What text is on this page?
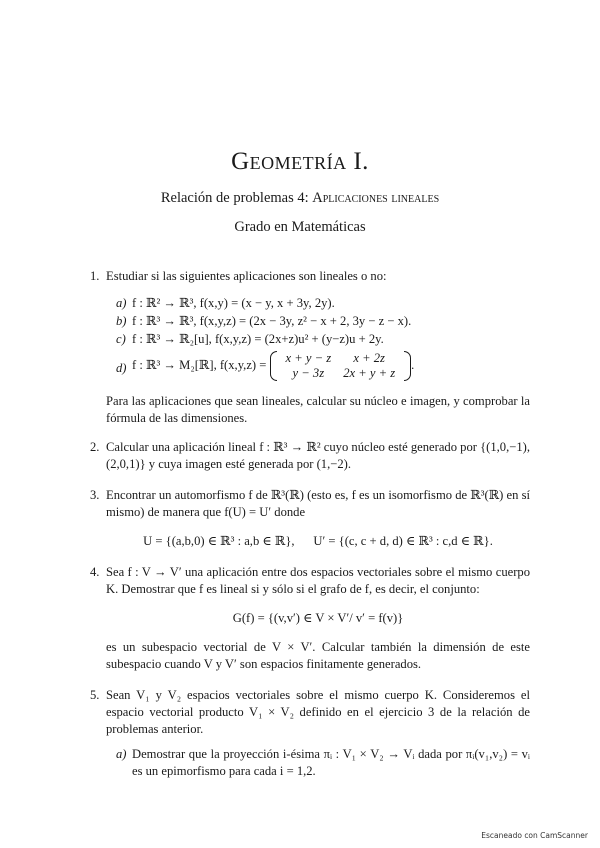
Geometría I.
Relación de problemas 4: Aplicaciones lineales
Grado en Matemáticas
1. Estudiar si las siguientes aplicaciones son lineales o no:
a) f : ℝ² → ℝ³, f(x,y) = (x − y, x + 3y, 2y).
b) f : ℝ³ → ℝ³, f(x,y,z) = (2x − 3y, z² − x + 2, 3y − z − x).
c) f : ℝ³ → ℝ₂[u], f(x,y,z) = (2x+z)u² + (y−z)u + 2y.
d) f : ℝ³ → M₂[ℝ], f(x,y,z) = x + y − z	x + 2z
y − 3z	2x + y + z
.
Para las aplicaciones que sean lineales, calcular su núcleo e imagen, y comprobar la fórmula de las dimensiones.
2. Calcular una aplicación lineal f : ℝ³ → ℝ² cuyo núcleo esté generado por {(1,0,−1),(2,0,1)} y cuya imagen esté generada por (1,−2).
3. Encontrar un automorfismo f de ℝ³(ℝ) (esto es, f es un isomorfismo de ℝ³(ℝ) en sí mismo) de manera que f(U) = U′ donde
U = {(a,b,0) ∈ ℝ³ : a,b ∈ ℝ},      U′ = {(c, c + d, d) ∈ ℝ³ : c,d ∈ ℝ}.
4. Sea f : V → V′ una aplicación entre dos espacios vectoriales sobre el mismo cuerpo K. Demostrar que f es lineal si y sólo si el grafo de f, es decir, el conjunto:
G(f) = {(v,v′) ∈ V × V′/ v′ = f(v)}
es un subespacio vectorial de V × V′. Calcular también la dimensión de este subespacio cuando V y V′ son espacios finitamente generados.
5. Sean V₁ y V₂ espacios vectoriales sobre el mismo cuerpo K. Consideremos el espacio vectorial producto V₁ × V₂ definido en el ejercicio 3 de la relación de problemas anterior.
a) Demostrar que la proyección i-ésima πᵢ : V₁ × V₂ → Vᵢ dada por πᵢ(v₁,v₂) = vᵢ es un epimorfismo para cada i = 1,2.
Escaneado con CamScanner
